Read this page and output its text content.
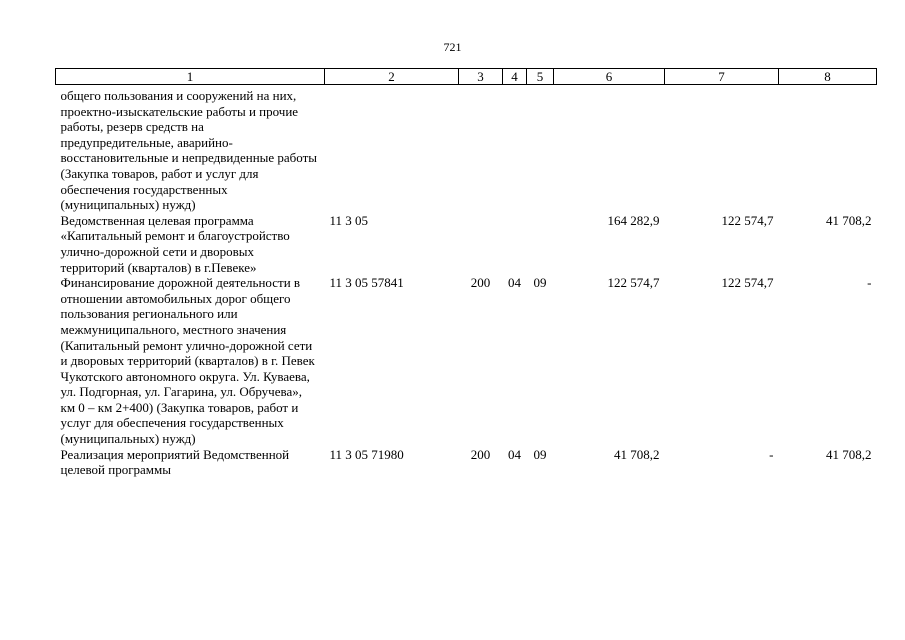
721
1	2	3	4	5	6	7	8
общего пользования и сооружений на них, проектно-изыскательские работы и прочие работы, резерв средств на предупредительные, аварийно-восстановительные и непредвиденные работы (Закупка товаров, работ и услуг для обеспечения государственных (муниципальных) нужд)							
Ведомственная целевая программа «Капитальный ремонт и благоустройство улично-дорожной сети и дворовых территорий (кварталов) в г.Певеке»	11 3 05				164 282,9	122 574,7	41 708,2
Финансирование дорожной деятельности в отношении автомобильных дорог общего пользования регионального или межмуниципального, местного значения (Капитальный ремонт улично-дорожной сети и дворовых территорий (кварталов) в г. Певек Чукотского автономного округа. Ул. Куваева, ул. Подгорная, ул. Гагарина, ул. Обручева», км 0 – км 2+400) (Закупка товаров, работ и услуг для обеспечения государственных (муниципальных) нужд)	11 3 05 57841	200	04	09	122 574,7	122 574,7	-
Реализация мероприятий Ведомственной целевой программы	11 3 05 71980	200	04	09	41 708,2	-	41 708,2
